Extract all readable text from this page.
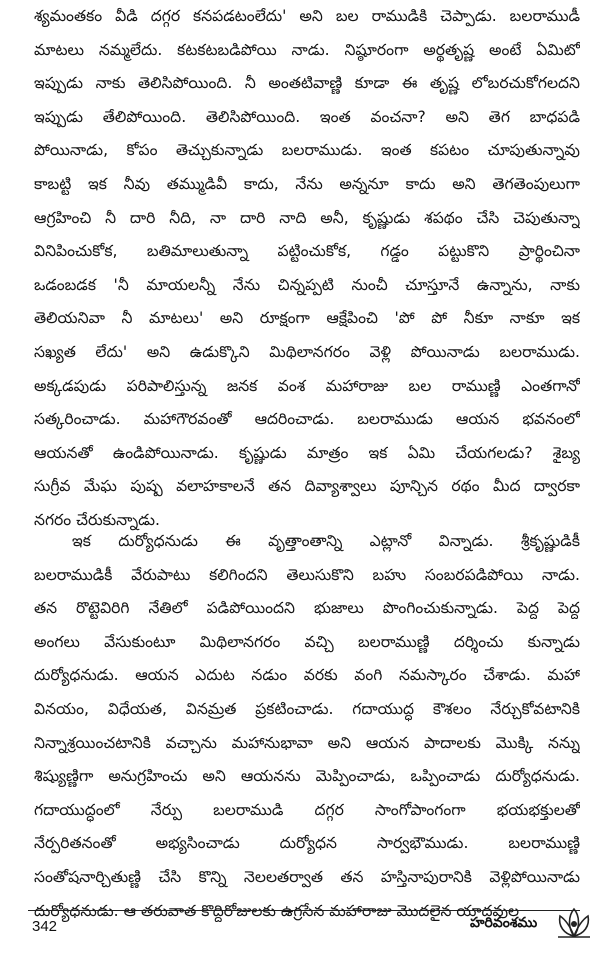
శ్యమంతకం వీడి దగ్గర కనపడటంలేదు' అని బల రాముడికి చెప్పాడు. బలరాముడీ
మాటలు నమ్మలేదు. కటకటబడిపోయి నాడు. నిష్ఠూరంగా అర్థతృష్ణ అంటే ఏమిటో
ఇప్పుడు నాకు తెలిసిపోయింది. నీ అంతటివాణ్ణి కూడా ఈ తృష్ణ లోబరచుకోగలదని
ఇప్పుడు తేలిపోయింది. తెలిసిపోయింది. ఇంత వంచనా? అని తెగ బాధపడి
పోయినాడు, కోపం తెచ్చుకున్నాడు బలరాముడు. ఇంత కపటం చూపుతున్నావు
కాబట్టి ఇక నీవు తమ్ముడివీ కాదు, నేను అన్ననూ కాదు అని తెగతెంపులుగా
ఆగ్రహించి నీ దారి నీది, నా దారి నాది అనీ, కృష్ణుడు శపథం చేసి చెపుతున్నా
వినిపించుకోక, బతిమాలుతున్నా పట్టించుకోక, గడ్డం పట్టుకొని ప్రార్థించినా
ఒడంబడక 'నీ మాయలన్నీ నేను చిన్నప్పటి నుంచీ చూస్తూనే ఉన్నాను, నాకు
తెలియనివా నీ మాటలు' అని రూక్షంగా ఆక్షేపించి 'పో పో నీకూ నాకూ ఇక
సఖ్యత లేదు' అని ఉడుక్కొని మిథిలానగరం వెళ్లి పోయినాడు బలరాముడు.
అక్కడపుడు పరిపాలిస్తున్న జనక వంశ మహారాజు బల రాముణ్ణి ఎంతగానో
సత్కరించాడు. మహాగౌరవంతో ఆదరించాడు. బలరాముడు ఆయన భవనంలో
ఆయనతో ఉండిపోయినాడు. కృష్ణుడు మాత్రం ఇక ఏమి చేయగలడు? శైబ్య
సుగ్రీవ మేఘ పుష్ప వలాహకాలనే తన దివ్యాశ్వాలు పూన్చిన రథం మీద ద్వారకా
నగరం చేరుకున్నాడు.
ఇక దుర్యోధనుడు ఈ వృత్తాంతాన్ని ఎట్లానో విన్నాడు. శ్రీకృష్ణుడికీ
బలరాముడికీ వేరుపాటు కలిగిందని తెలుసుకొని బహు సంబరపడిపోయి నాడు.
తన రొట్టెవిరిగి నేతిలో పడిపోయిందని భుజాలు పొంగించుకున్నాడు. పెద్ద పెద్ద
అంగలు వేసుకుంటూ మిథిలానగరం వచ్చి బలరాముణ్ణి దర్శించు కున్నాడు
దుర్యోధనుడు. ఆయన ఎదుట నడుం వరకు వంగి నమస్కారం చేశాడు. మహా
వినయం, విధేయత, వినమ్రత ప్రకటించాడు. గదాయుద్ధ కౌశలం నేర్చుకోవటానికి
నిన్నాశ్రయించటానికి వచ్చాను మహానుభావా అని ఆయన పాదాలకు మొక్కి నన్ను
శిష్యుణ్ణిగా అనుగ్రహించు అని ఆయనను మెప్పించాడు, ఒప్పించాడు దుర్యోధనుడు.
గదాయుద్ధంలో నేర్పు బలరాముడి దగ్గర సాంగోపాంగంగా భయభక్తులతో
నేర్పరితనంతో అభ్యసించాడు దుర్యోధన సార్వభౌముడు. బలరాముణ్ణి
సంతోషనార్చితుణ్ణి చేసి కొన్ని నెలలతర్వాత తన హస్తినాపురానికి వెళ్లిపోయినాడు
దుర్యోధనుడు. ఆ తరువాత కొద్దిరోజులకు ఉగ్రసేన మహారాజు మొదలైన యాదవుల
342	హరివంశము
